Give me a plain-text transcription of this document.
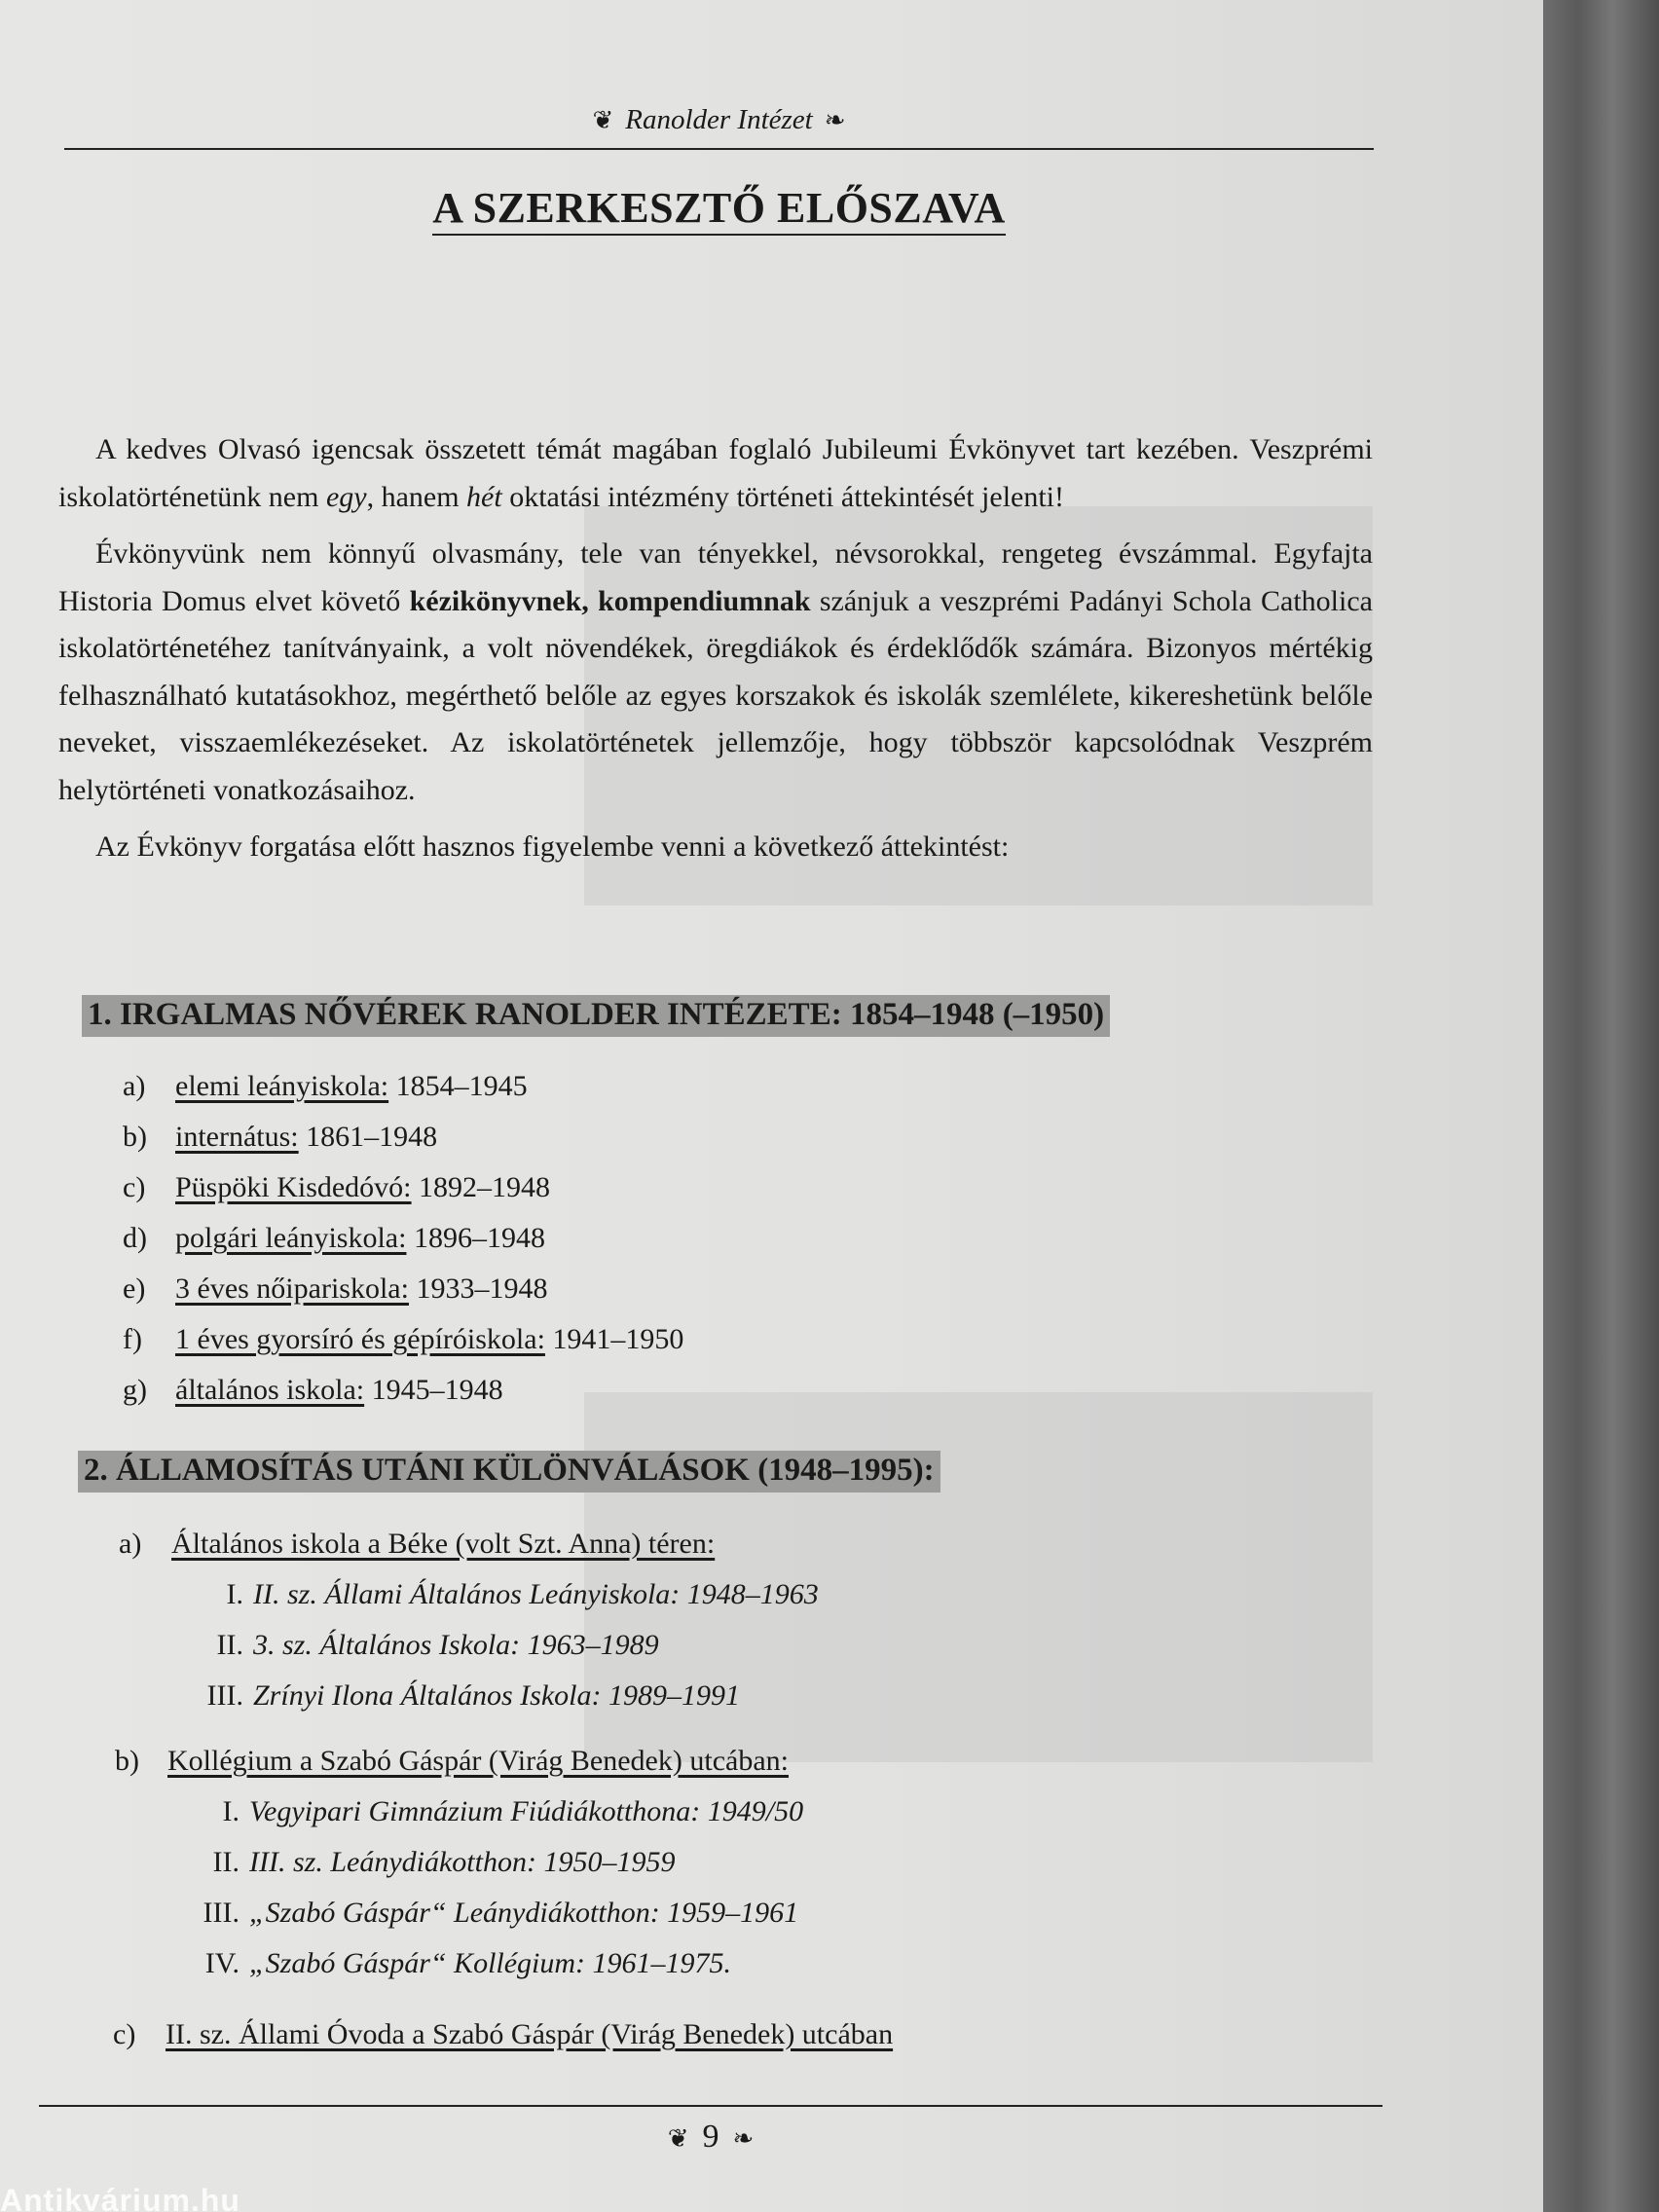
❦ Ranolder Intézet ❧
A SZERKESZTŐ ELŐSZAVA

A kedves Olvasó igencsak összetett témát magában foglaló Jubileumi Évkönyvet tart kezében. Veszprémi iskolatörténetünk nem egy, hanem hét oktatási intézmény történeti áttekintését jelenti!

Évkönyvünk nem könnyű olvasmány, tele van tényekkel, névsorokkal, rengeteg évszámmal. Egyfajta Historia Domus elvet követő kézikönyvnek, kompendiumnak szánjuk a veszprémi Padányi Schola Catholica iskolatörténetéhez tanítványaink, a volt növendékek, öregdiákok és érdeklődők számára. Bizonyos mértékig felhasználható kutatásokhoz, megérthető belőle az egyes korszakok és iskolák szemlélete, kikereshetünk belőle neveket, visszaemlékezéseket. Az iskolatörténetek jellemzője, hogy többször kapcsolódnak Veszprém helytörténeti vonatkozásaihoz.

Az Évkönyv forgatása előtt hasznos figyelembe venni a következő áttekintést:

1. IRGALMAS NŐVÉREK RANOLDER INTÉZETE: 1854–1948 (–1950)
a) elemi leányiskola: 1854–1945
b) internátus: 1861–1948
c) Püspöki Kisdedóvó: 1892–1948
d) polgári leányiskola: 1896–1948
e) 3 éves nőipariskola: 1933–1948
f) 1 éves gyorsíró és gépíróiskola: 1941–1950
g) általános iskola: 1945–1948
2. ÁLLAMOSÍTÁS UTÁNI KÜLÖNVÁLÁSOK (1948–1995):
a) Általános iskola a Béke (volt Szt. Anna) téren:
I. II. sz. Állami Általános Leányiskola: 1948–1963
II. 3. sz. Általános Iskola: 1963–1989
III. Zrínyi Ilona Általános Iskola: 1989–1991
b) Kollégium a Szabó Gáspár (Virág Benedek) utcában:
I. Vegyipari Gimnázium Fiúdiákotthona: 1949/50
II. III. sz. Leánydiákotthon: 1950–1959
III. „Szabó Gáspár“ Leánydiákotthon: 1959–1961
IV. „Szabó Gáspár“ Kollégium: 1961–1975.
c) II. sz. Állami Óvoda a Szabó Gáspár (Virág Benedek) utcában
❦ 9 ❧
Antikvárium.hu
